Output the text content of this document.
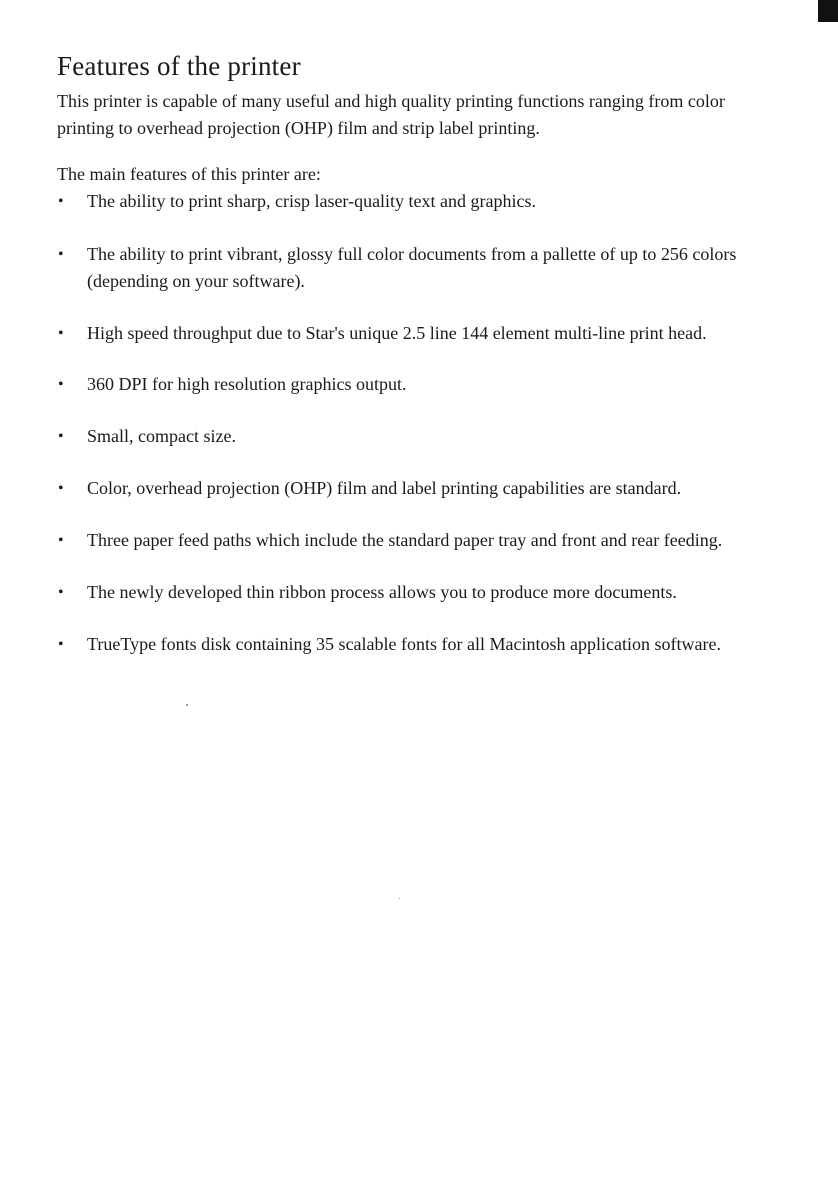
Features of the printer

This printer is capable of many useful and high quality printing functions ranging from color printing to overhead projection (OHP) film and strip label printing.

The main features of this printer are:

• The ability to print sharp, crisp laser-quality text and graphics.
• The ability to print vibrant, glossy full color documents from a pallette of up to 256 colors (depending on your software).
• High speed throughput due to Star's unique 2.5 line 144 element multi-line print head.
• 360 DPI for high resolution graphics output.
• Small, compact size.
• Color, overhead projection (OHP) film and label printing capabilities are standard.
• Three paper feed paths which include the standard paper tray and front and rear feeding.
• The newly developed thin ribbon process allows you to produce more documents.
• TrueType fonts disk containing 35 scalable fonts for all Macintosh application software.
